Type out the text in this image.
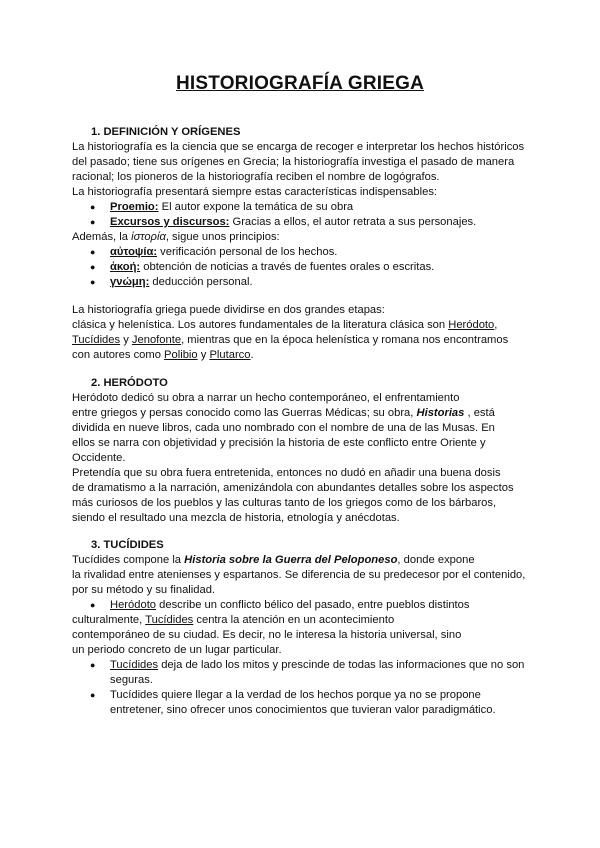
HISTORIOGRAFÍA GRIEGA
1. DEFINICIÓN Y ORÍGENES
La historiografía es la ciencia que se encarga de recoger e interpretar los hechos históricos
del pasado; tiene sus orígenes en Grecia; la historiografía investiga el pasado de manera
racional; los pioneros de la historiografía reciben el nombre de logógrafos.
La historiografía presentará siempre estas características indispensables:
● Proemio: El autor expone la temática de su obra
● Excursos y discursos: Gracias a ellos, el autor retrata a sus personajes.
Además, la ἱστορία, sigue unos principios:
● αὐτοψία: verificación personal de los hechos.
● ἀκοή: obtención de noticias a través de fuentes orales o escritas.
● γνώμη: deducción personal.
La historiografía griega puede dividirse en dos grandes etapas:
clásica y helenística. Los autores fundamentales de la literatura clásica son Heródoto,
Tucídides y Jenofonte, mientras que en la época helenística y romana nos encontramos
con autores como Polibio y Plutarco.
2. HERÓDOTO
Heródoto dedicó su obra a narrar un hecho contemporáneo, el enfrentamiento
entre griegos y persas conocido como las Guerras Médicas; su obra, Historias , está
dividida en nueve libros, cada uno nombrado con el nombre de una de las Musas. En
ellos se narra con objetividad y precisión la historia de este conflicto entre Oriente y
Occidente.
Pretendía que su obra fuera entretenida, entonces no dudó en añadir una buena dosis
de dramatismo a la narración, amenizándola con abundantes detalles sobre los aspectos
más curiosos de los pueblos y las culturas tanto de los griegos como de los bárbaros,
siendo el resultado una mezcla de historia, etnología y anécdotas.
3. TUCÍDIDES
Tucídides compone la Historia sobre la Guerra del Peloponeso, donde expone
la rivalidad entre atenienses y espartanos. Se diferencia de su predecesor por el contenido,
por su método y su finalidad.
● Heródoto describe un conflicto bélico del pasado, entre pueblos distintos
culturalmente, Tucídides centra la atención en un acontecimiento
contemporáneo de su ciudad. Es decir, no le interesa la historia universal, sino
un periodo concreto de un lugar particular.
● Tucídides deja de lado los mitos y prescinde de todas las informaciones que no son
seguras.
● Tucídides quiere llegar a la verdad de los hechos porque ya no se propone
entretener, sino ofrecer unos conocimientos que tuvieran valor paradigmático.
